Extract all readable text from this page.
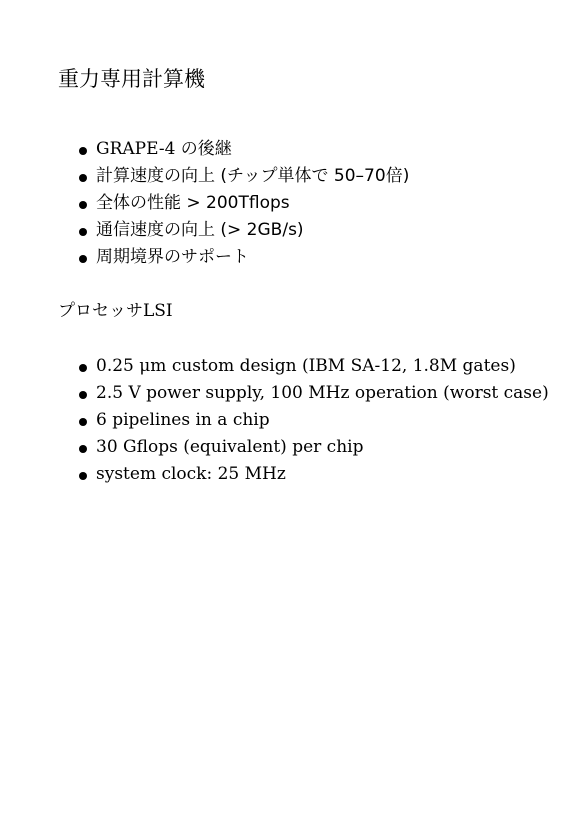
重力専用計算機
GRAPE-4 の後継
計算速度の向上 (チップ単体で 50–70倍)
全体の性能 > 200Tflops
通信速度の向上 (> 2GB/s)
周期境界のサポート
プロセッサLSI
0.25 μm custom design (IBM SA-12, 1.8M gates)
2.5 V power supply, 100 MHz operation (worst case)
6 pipelines in a chip
30 Gflops (equivalent) per chip
system clock: 25 MHz
